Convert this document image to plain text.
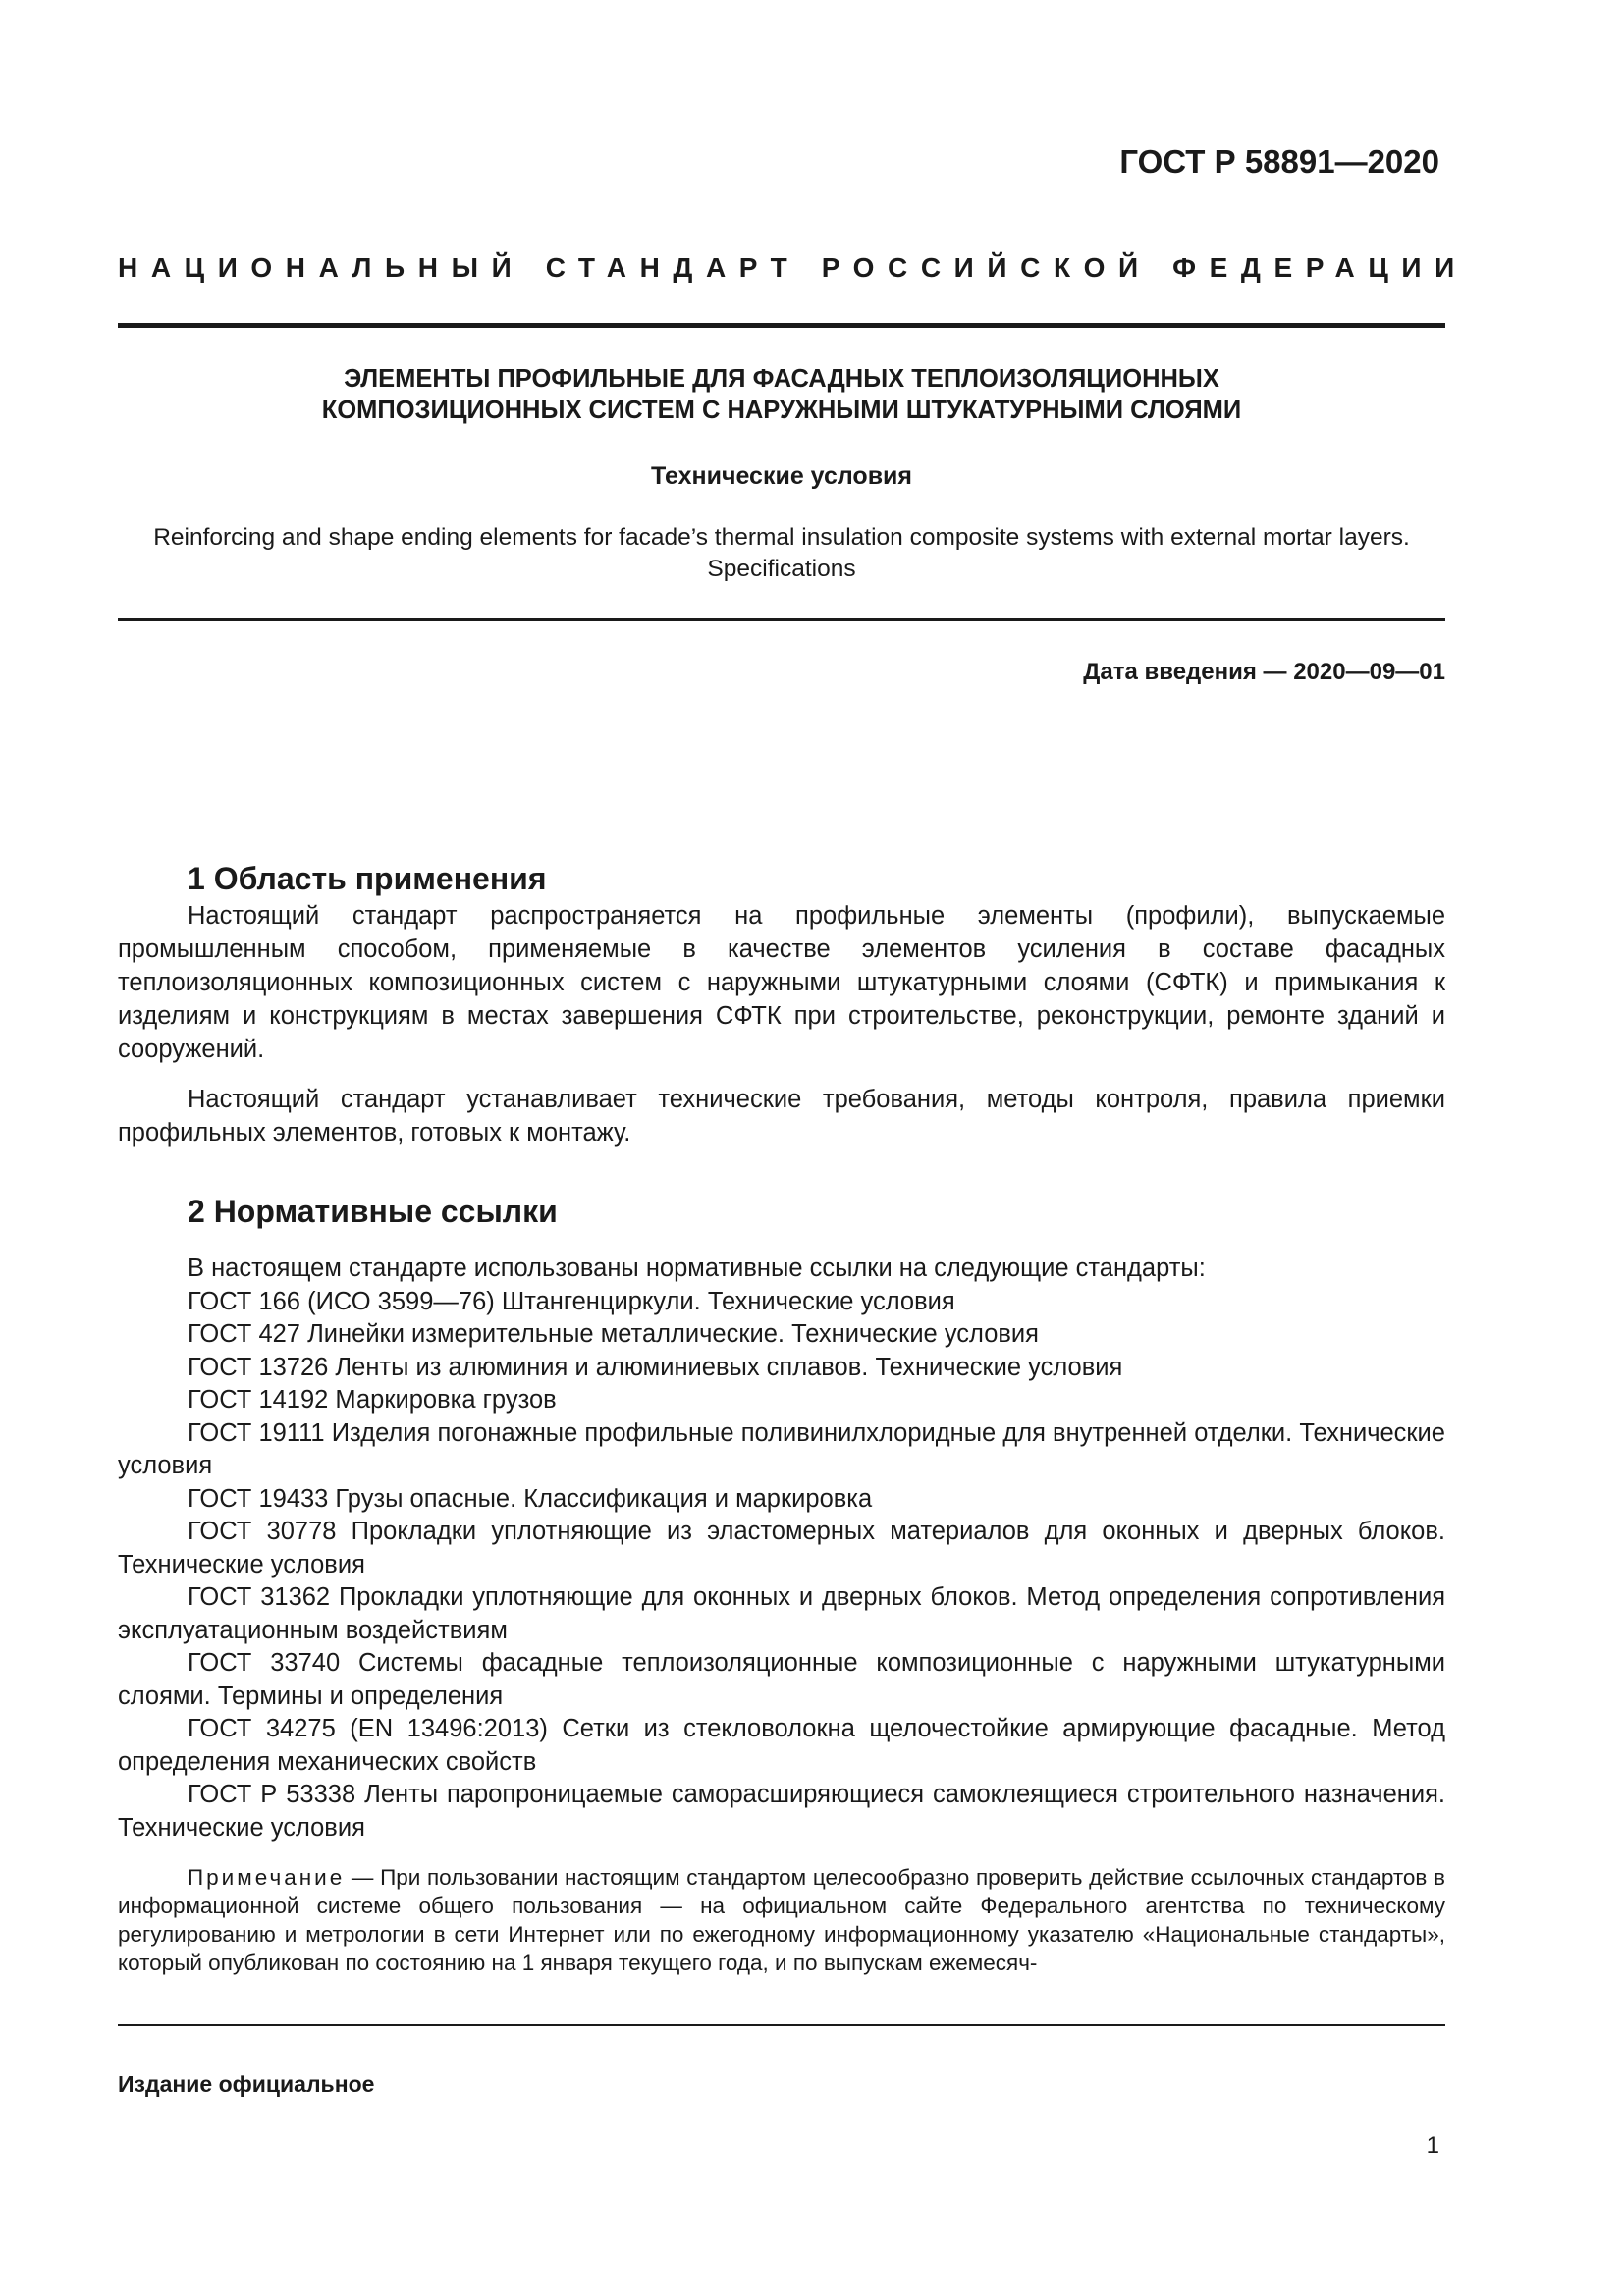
ГОСТ Р 58891—2020
НАЦИОНАЛЬНЫЙ СТАНДАРТ РОССИЙСКОЙ ФЕДЕРАЦИИ
ЭЛЕМЕНТЫ ПРОФИЛЬНЫЕ ДЛЯ ФАСАДНЫХ ТЕПЛОИЗОЛЯЦИОННЫХ
КОМПОЗИЦИОННЫХ СИСТЕМ С НАРУЖНЫМИ ШТУКАТУРНЫМИ СЛОЯМИ
Технические условия
Reinforcing and shape ending elements for facade’s thermal insulation composite systems with external mortar layers.
Specifications
Дата введения — 2020—09—01
1 Область применения

Настоящий стандарт распространяется на профильные элементы (профили), выпускаемые промышленным способом, применяемые в качестве элементов усиления в составе фасадных теплоизоляционных композиционных систем с наружными штукатурными слоями (СФТК) и примыкания к изделиям и конструкциям в местах завершения СФТК при строительстве, реконструкции, ремонте зданий и сооружений.

Настоящий стандарт устанавливает технические требования, методы контроля, правила приемки профильных элементов, готовых к монтажу.

2 Нормативные ссылки

В настоящем стандарте использованы нормативные ссылки на следующие стандарты:

ГОСТ 166 (ИСО 3599—76) Штангенциркули. Технические условия

ГОСТ 427 Линейки измерительные металлические. Технические условия

ГОСТ 13726 Ленты из алюминия и алюминиевых сплавов. Технические условия

ГОСТ 14192 Маркировка грузов

ГОСТ 19111 Изделия погонажные профильные поливинилхлоридные для внутренней отделки. Технические условия

ГОСТ 19433 Грузы опасные. Классификация и маркировка

ГОСТ 30778 Прокладки уплотняющие из эластомерных материалов для оконных и дверных блоков. Технические условия

ГОСТ 31362 Прокладки уплотняющие для оконных и дверных блоков. Метод определения сопротивления эксплуатационным воздействиям

ГОСТ 33740 Системы фасадные теплоизоляционные композиционные с наружными штукатурными слоями. Термины и определения

ГОСТ 34275 (EN 13496:2013) Сетки из стекловолокна щелочестойкие армирующие фасадные. Метод определения механических свойств

ГОСТ Р 53338 Ленты паропроницаемые саморасширяющиеся самоклеящиеся строительного назначения. Технические условия

Примечание — При пользовании настоящим стандартом целесообразно проверить действие ссылочных стандартов в информационной системе общего пользования — на официальном сайте Федерального агентства по техническому регулированию и метрологии в сети Интернет или по ежегодному информационному указателю «Национальные стандарты», который опубликован по состоянию на 1 января текущего года, и по выпускам ежемесяч-

Издание официальное
1
